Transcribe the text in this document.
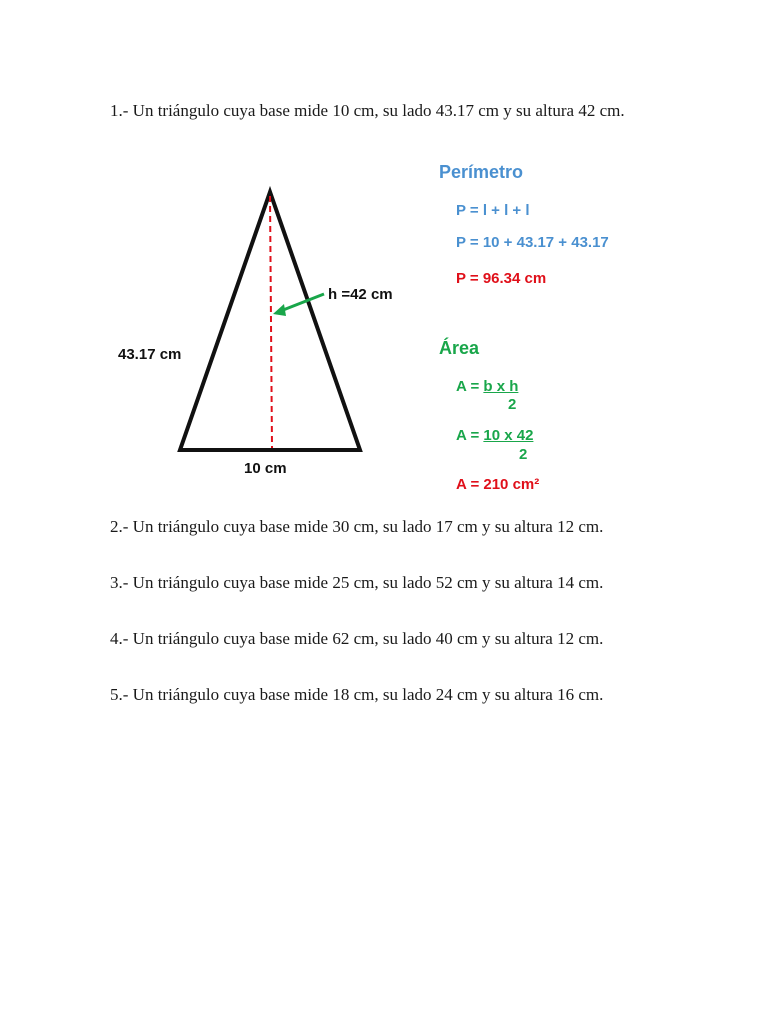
1.- Un triángulo cuya base mide 10 cm, su lado 43.17 cm y su altura 42 cm.
43.17 cm
h =42 cm
10 cm
Perímetro
P = l + l + l
P = 10 + 43.17 + 43.17
P = 96.34 cm
Área
A = b x h
2
A = 10 x 42
2
A = 210 cm²
2.- Un triángulo cuya base mide 30 cm, su lado 17 cm y su altura 12 cm.
3.- Un triángulo cuya base mide 25 cm, su lado 52 cm y su altura 14 cm.
4.- Un triángulo cuya base mide 62 cm, su lado 40 cm y su altura 12 cm.
5.- Un triángulo cuya base mide 18 cm, su lado 24 cm y su altura 16 cm.
